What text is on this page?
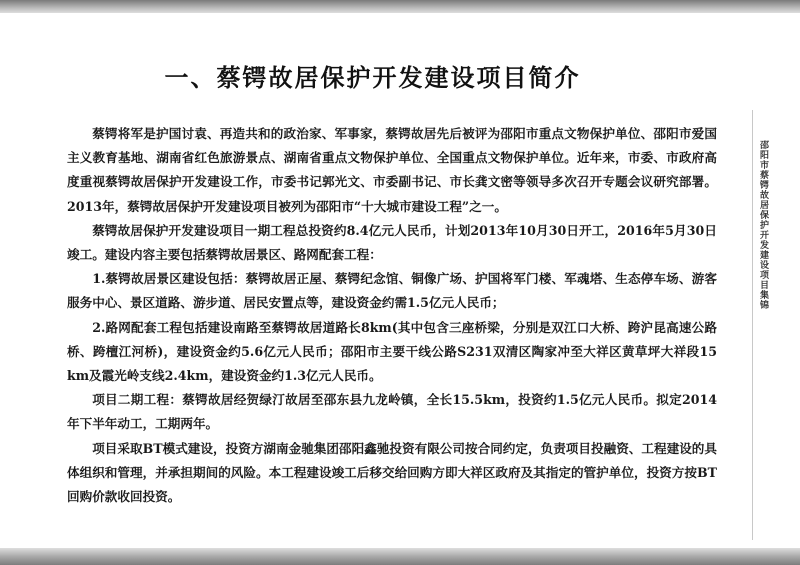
一、蔡锷故居保护开发建设项目简介

蔡锷将军是护国讨袁、再造共和的政治家、军事家，蔡锷故居先后被评为邵阳市重点文物保护单位、邵阳市爱国主义教育基地、湖南省红色旅游景点、湖南省重点文物保护单位、全国重点文物保护单位。近年来，市委、市政府高度重视蔡锷故居保护开发建设工作，市委书记郭光文、市委副书记、市长龚文密等领导多次召开专题会议研究部署。2013年，蔡锷故居保护开发建设项目被列为邵阳市“十大城市建设工程”之一。

蔡锷故居保护开发建设项目一期工程总投资约8.4亿元人民币，计划2013年10月30日开工，2016年5月30日竣工。建设内容主要包括蔡锷故居景区、路网配套工程：

1.蔡锷故居景区建设包括：蔡锷故居正屋、蔡锷纪念馆、铜像广场、护国将军门楼、军魂塔、生态停车场、游客服务中心、景区道路、游步道、居民安置点等，建设资金约需1.5亿元人民币；

2.路网配套工程包括建设南路至蔡锷故居道路长8km(其中包含三座桥梁，分别是双江口大桥、跨沪昆高速公路桥、跨檀江河桥)，建设资金约5.6亿元人民币；邵阳市主要干线公路S231双清区陶家冲至大祥区黄草坪大祥段15 km及霞光岭支线2.4km，建设资金约1.3亿元人民币。

项目二期工程：蔡锷故居经贺绿汀故居至邵东县九龙岭镇，全长15.5km，投资约1.5亿元人民币。拟定2014年下半年动工，工期两年。

项目采取BT模式建设，投资方湖南金驰集团邵阳鑫驰投资有限公司按合同约定，负责项目投融资、工程建设的具体组织和管理，并承担期间的风险。本工程建设竣工后移交给回购方即大祥区政府及其指定的管护单位，投资方按BT回购价款收回投资。

邵阳市蔡锷故居保护开发建设项目集锦
